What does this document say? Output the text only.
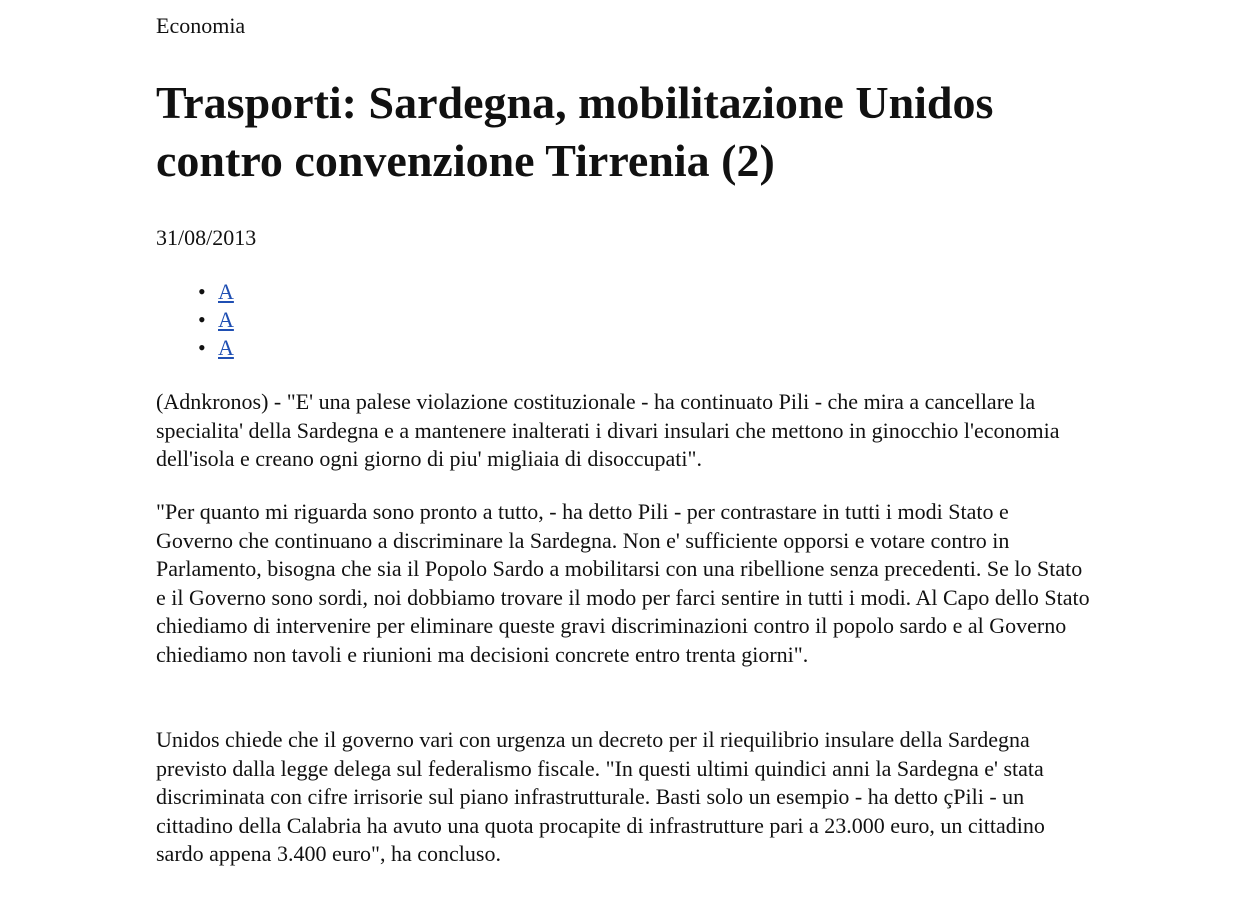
Economia

Trasporti: Sardegna, mobilitazione Unidos contro convenzione Tirrenia (2)

31/08/2013

• A
• A
• A

(Adnkronos) - "E' una palese violazione costituzionale - ha continuato Pili - che mira a cancellare la specialita' della Sardegna e a mantenere inalterati i divari insulari che mettono in ginocchio l'economia dell'isola e creano ogni giorno di piu' migliaia di disoccupati".

"Per quanto mi riguarda sono pronto a tutto, - ha detto Pili - per contrastare in tutti i modi Stato e Governo che continuano a discriminare la Sardegna. Non e' sufficiente opporsi e votare contro in Parlamento, bisogna che sia il Popolo Sardo a mobilitarsi con una ribellione senza precedenti. Se lo Stato e il Governo sono sordi, noi dobbiamo trovare il modo per farci sentire in tutti i modi. Al Capo dello Stato chiediamo di intervenire per eliminare queste gravi discriminazioni contro il popolo sardo e al Governo chiediamo non tavoli e riunioni ma decisioni concrete entro trenta giorni".

Unidos chiede che il governo vari con urgenza un decreto per il riequilibrio insulare della Sardegna previsto dalla legge delega sul federalismo fiscale. "In questi ultimi quindici anni la Sardegna e' stata discriminata con cifre irrisorie sul piano infrastrutturale. Basti solo un esempio - ha detto çPili - un cittadino della Calabria ha avuto una quota procapite di infrastrutture pari a 23.000 euro, un cittadino sardo appena 3.400 euro", ha concluso.
